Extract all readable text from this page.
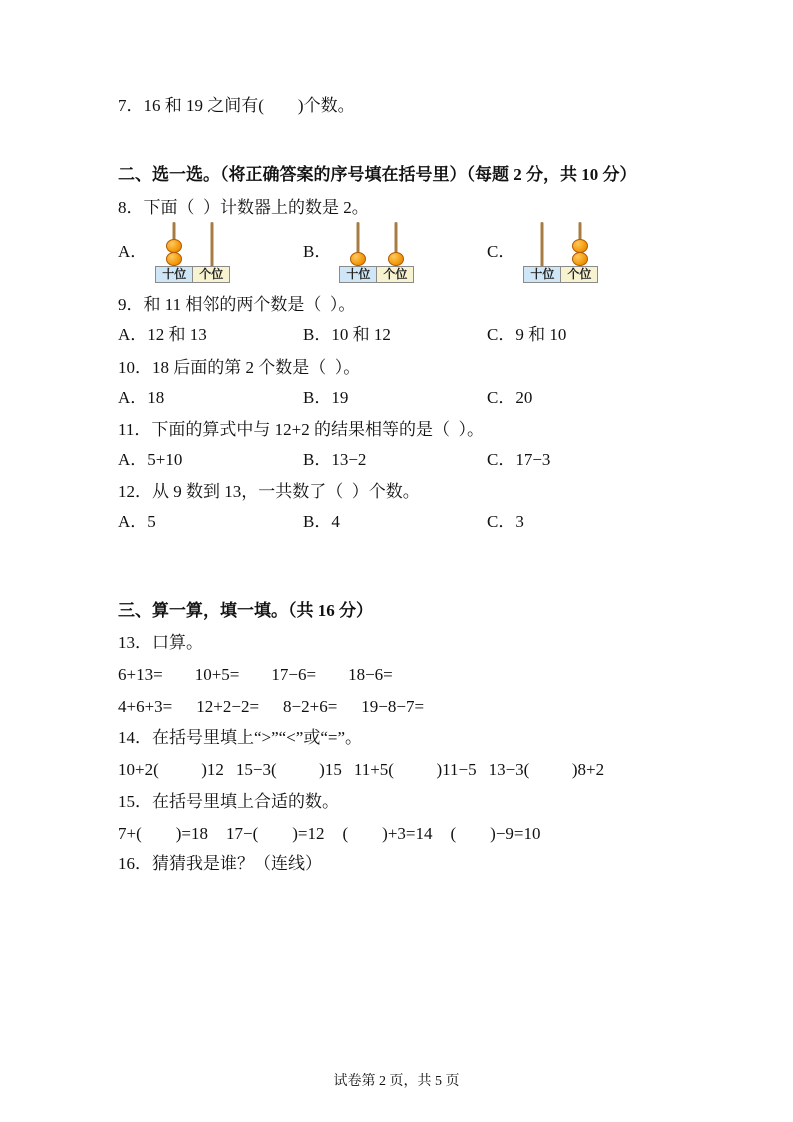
7．16 和 19 之间有(        )个数。

二、选一选。（将正确答案的序号填在括号里）（每题 2 分，共 10 分）

8．下面（  ）计数器上的数是 2。

A．
十位	个位
B．
十位	个位
C．
十位	个位

9．和 11 相邻的两个数是（  ）。

A．12 和 13	B．10 和 12	C．9 和 10

10．18 后面的第 2 个数是（  ）。

A．18	B．19	C．20

11．下面的算式中与 12+2 的结果相等的是（  ）。

A．5+10	B．13−2	C．17−3

12．从 9 数到 13，一共数了（  ）个数。

A．5	B．4	C．3

三、算一算，填一填。（共 16 分）

13．口算。

6+13= 10+5= 17−6= 18−6=
4+6+3= 12+2−2= 8−2+6= 19−8−7=

14．在括号里填上“>”“<”或“=”。

10+2(          )12 15−3(          )15 11+5(          )11−5 13−3(          )8+2

15．在括号里填上合适的数。

7+(        )=18 17−(        )=12 (        )+3=14 (        )−9=10

16．猜猜我是谁？（连线）

试卷第 2 页，共 5 页
